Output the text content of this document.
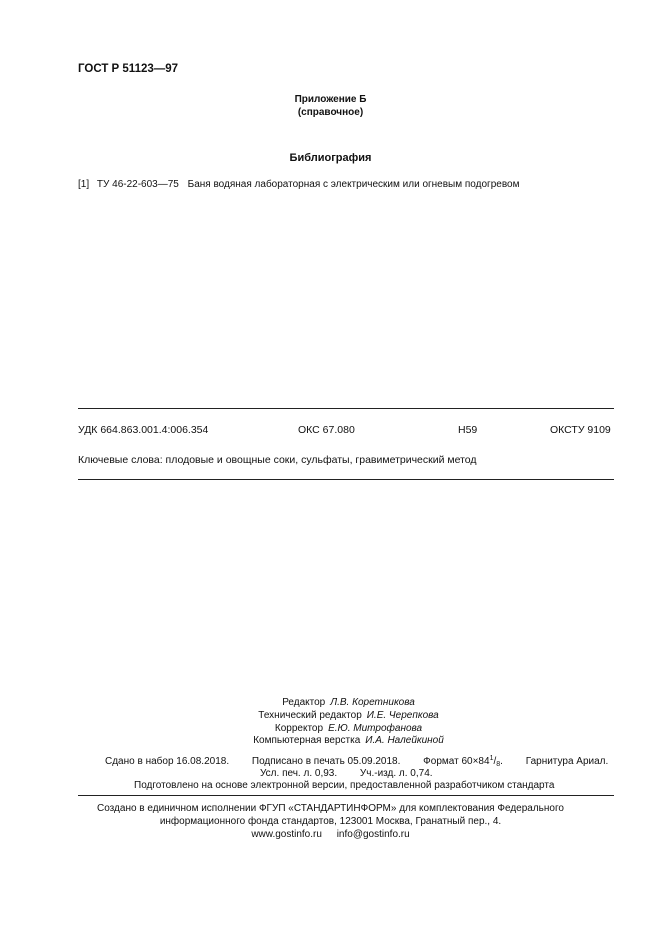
ГОСТ Р 51123—97
Приложение Б
(справочное)
Библиография
[1] ТУ 46-22-603—75 Баня водяная лабораторная с электрическим или огневым подогревом
УДК 664.863.001.4:006.354	ОКС 67.080	Н59	ОКСТУ 9109
Ключевые слова: плодовые и овощные соки, сульфаты, гравиметрический метод
Редактор Л.В. Коретникова
Технический редактор И.Е. Черепкова
Корректор Е.Ю. Митрофанова
Компьютерная верстка И.А. Налейкиной
Сдано в набор 16.08.2018. Подписано в печать 05.09.2018. Формат $60\times 84^1/_8$. Гарнитура Ариал.
Усл. печ. л. 0,93. Уч.-изд. л. 0,74.
Подготовлено на основе электронной версии, предоставленной разработчиком стандарта
Создано в единичном исполнении ФГУП «СТАНДАРТИНФОРМ» для комплектования Федерального
информационного фонда стандартов, 123001 Москва, Гранатный пер., 4.
www.gostinfo.ru info@gostinfo.ru
